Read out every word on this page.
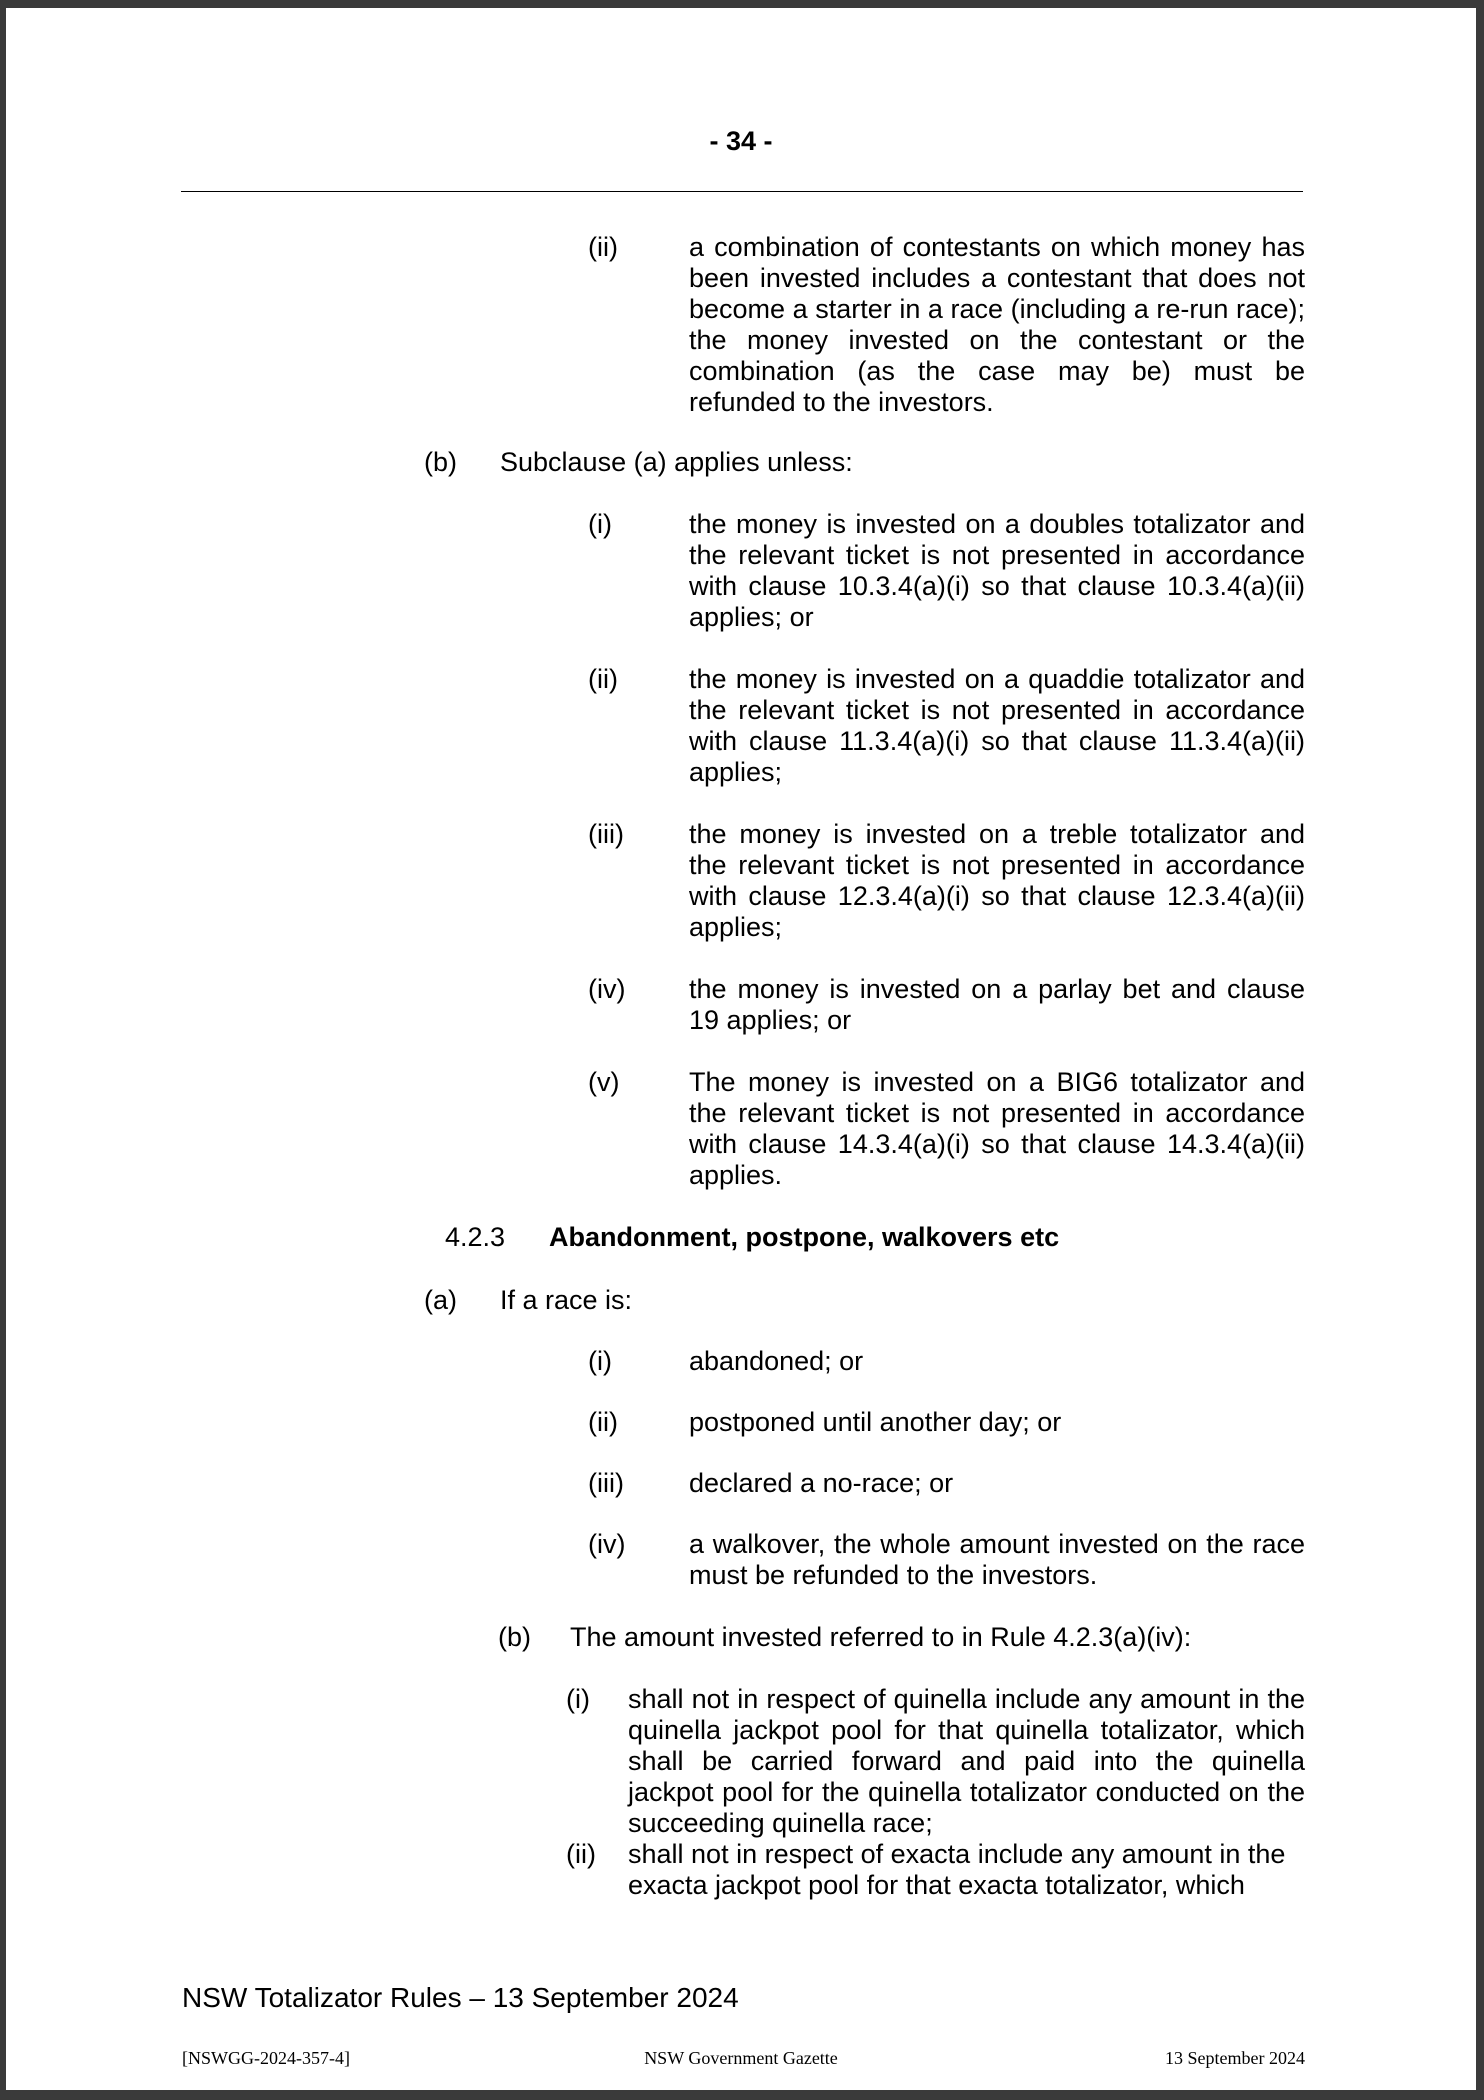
- 34 -
(ii)	a combination of contestants on which money has been invested includes a contestant that does not become a starter in a race (including a re-run race); the money invested on the contestant or the combination (as the case may be) must be refunded to the investors.
(b) Subclause (a) applies unless:
(i)	the money is invested on a doubles totalizator and the relevant ticket is not presented in accordance with clause 10.3.4(a)(i) so that clause 10.3.4(a)(ii) applies; or
(ii)	the money is invested on a quaddie totalizator and the relevant ticket is not presented in accordance with clause 11.3.4(a)(i) so that clause 11.3.4(a)(ii) applies;
(iii) the money is invested on a treble totalizator and the relevant ticket is not presented in accordance with clause 12.3.4(a)(i) so that clause 12.3.4(a)(ii) applies;
(iv) the money is invested on a parlay bet and clause 19 applies; or
(v)	The money is invested on a BIG6 totalizator and the relevant ticket is not presented in accordance with clause 14.3.4(a)(i) so that clause 14.3.4(a)(ii) applies.
4.2.3 Abandonment, postpone, walkovers etc
(a) If a race is:
(i)	abandoned; or
(ii)	postponed until another day; or
(iii) declared a no-race; or
(iv) a walkover, the whole amount invested on the race must be refunded to the investors.
(b) The amount invested referred to in Rule 4.2.3(a)(iv):
(i) shall not in respect of quinella include any amount in the quinella jackpot pool for that quinella totalizator, which shall be carried forward and paid into the quinella jackpot pool for the quinella totalizator conducted on the succeeding quinella race;
(ii) shall not in respect of exacta include any amount in the exacta jackpot pool for that exacta totalizator, which
NSW Totalizator Rules – 13 September 2024
[NSWGG-2024-357-4]	NSW Government Gazette	13 September 2024
